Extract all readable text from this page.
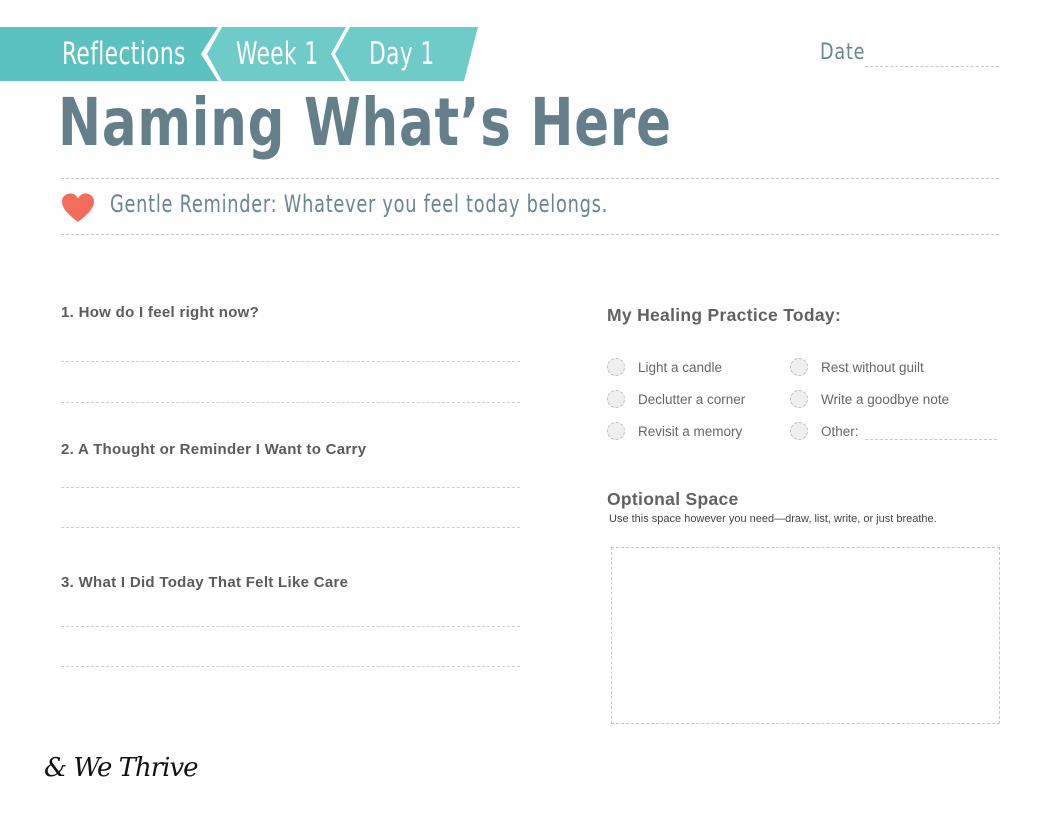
Reflections Week 1 Day 1	Date
Naming What’s Here
Gentle Reminder: Whatever you feel today belongs.
1. How do I feel right now?
2. A Thought or Reminder I Want to Carry
3. What I Did Today That Felt Like Care
My Healing Practice Today:
Light a candle
Declutter a corner
Revisit a memory
Rest without guilt
Write a goodbye note
Other:
Optional Space
Use this space however you need—draw, list, write, or just breathe.
& We Thrive
